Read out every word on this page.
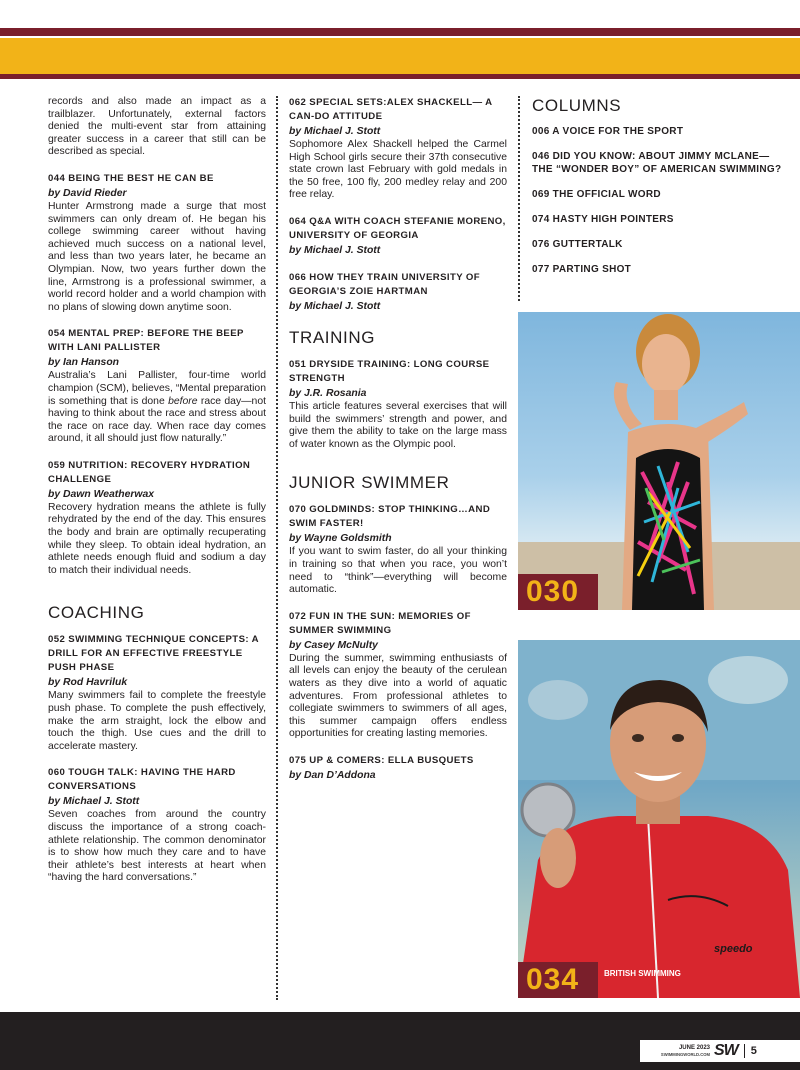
records and also made an impact as a trailblazer. Unfortunately, external factors denied the multi-event star from attaining greater success in a career that still can be described as special.

044 BEING THE BEST HE CAN BE
by David Rieder

Hunter Armstrong made a surge that most swimmers can only dream of. He began his college swimming career without having achieved much success on a national level, and less than two years later, he became an Olympian. Now, two years further down the line, Armstrong is a professional swimmer, a world record holder and a world champion with no plans of slowing down anytime soon.

054 MENTAL PREP: BEFORE THE BEEP WITH LANI PALLISTER
by Ian Hanson

Australia’s Lani Pallister, four-time world champion (SCM), believes, “Mental preparation is something that is done before race day—not having to think about the race and stress about the race on race day. When race day comes around, it all should just flow naturally.”

059 NUTRITION: RECOVERY HYDRATION CHALLENGE
by Dawn Weatherwax

Recovery hydration means the athlete is fully rehydrated by the end of the day. This ensures the body and brain are optimally recuperating while they sleep. To obtain ideal hydration, an athlete needs enough fluid and sodium a day to match their individual needs.

COACHING
052 SWIMMING TECHNIQUE CONCEPTS: A DRILL FOR AN EFFECTIVE FREESTYLE PUSH PHASE
by Rod Havriluk

Many swimmers fail to complete the freestyle push phase. To complete the push effectively, make the arm straight, lock the elbow and touch the thigh. Use cues and the drill to accelerate mastery.

060 TOUGH TALK: HAVING THE HARD CONVERSATIONS
by Michael J. Stott

Seven coaches from around the country discuss the importance of a strong coach-athlete relationship. The common denominator is to show how much they care and to have their athlete’s best interests at heart when “having the hard conversations.”

062 SPECIAL SETS:ALEX SHACKELL— A CAN-DO ATTITUDE
by Michael J. Stott

Sophomore Alex Shackell helped the Carmel High School girls secure their 37th consecutive state crown last February with gold medals in the 50 free, 100 fly, 200 medley relay and 200 free relay.

064 Q&A WITH COACH STEFANIE MORENO, UNIVERSITY OF GEORGIA
by Michael J. Stott
066 HOW THEY TRAIN UNIVERSITY OF GEORGIA’S ZOIE HARTMAN
by Michael J. Stott
TRAINING
051 DRYSIDE TRAINING: LONG COURSE STRENGTH
by J.R. Rosania

This article features several exercises that will build the swimmers’ strength and power, and give them the ability to take on the large mass of water known as the Olympic pool.

JUNIOR SWIMMER
070 GOLDMINDS: STOP THINKING…AND SWIM FASTER!
by Wayne Goldsmith

If you want to swim faster, do all your thinking in training so that when you race, you won’t need to “think”—everything will become automatic.

072 FUN IN THE SUN: MEMORIES OF SUMMER SWIMMING
by Casey McNulty

During the summer, swimming enthusiasts of all levels can enjoy the beauty of the cerulean waters as they dive into a world of aquatic adventures. From professional athletes to collegiate swimmers to swimmers of all ages, this summer campaign offers endless opportunities for creating lasting memories.

075 UP & COMERS: ELLA BUSQUETS
by Dan D’Addona
COLUMNS
006 A VOICE FOR THE SPORT
046 DID YOU KNOW: ABOUT JIMMY MCLANE—THE “WONDER BOY” OF AMERICAN SWIMMING?
069 THE OFFICIAL WORD
074 HASTY HIGH POINTERS
076 GUTTERTALK
077 PARTING SHOT
030
speedo
BRITISH SWIMMING
034
JUNE 2023
SWIMMINGWORLD.COM SW 5
